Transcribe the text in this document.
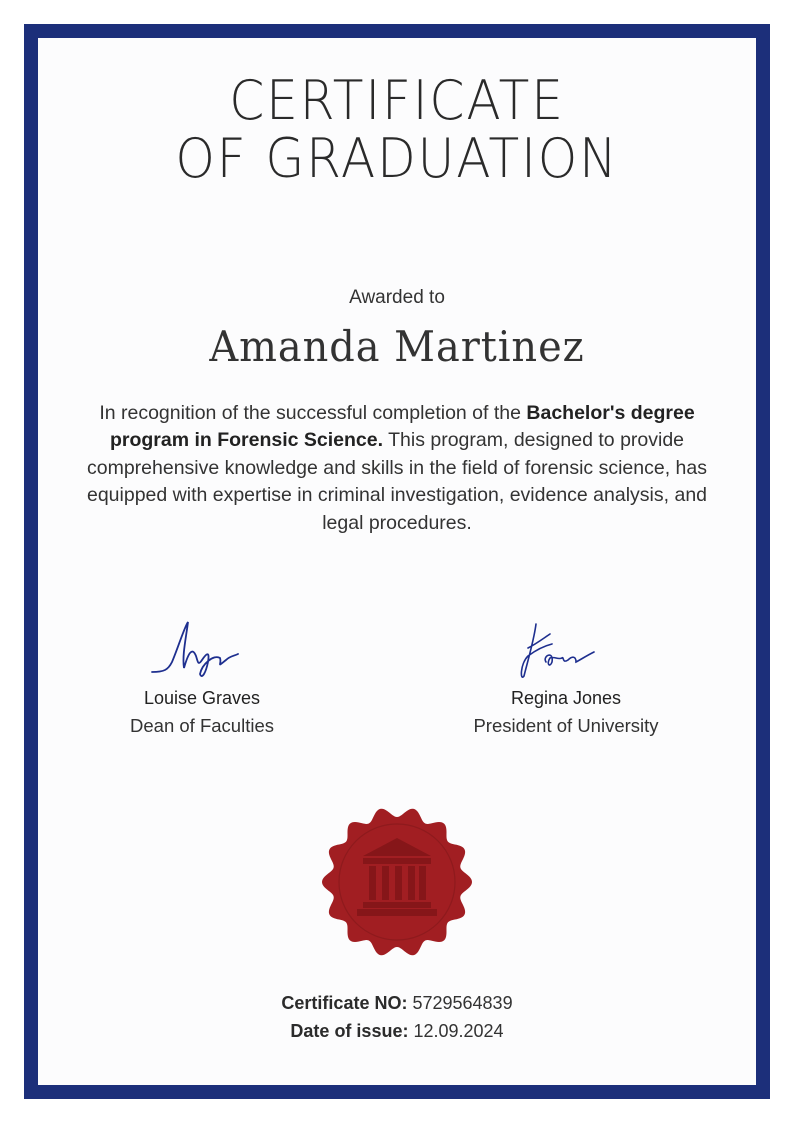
CERTIFICATE
OF GRADUATION
Awarded to
Amanda Martinez
In recognition of the successful completion of the Bachelor's degree program in Forensic Science. This program, designed to provide comprehensive knowledge and skills in the field of forensic science, has equipped with expertise in criminal investigation, evidence analysis, and legal procedures.
Louise Graves
Dean of Faculties
Regina Jones
President of University
Certificate NO: 5729564839
Date of issue: 12.09.2024
